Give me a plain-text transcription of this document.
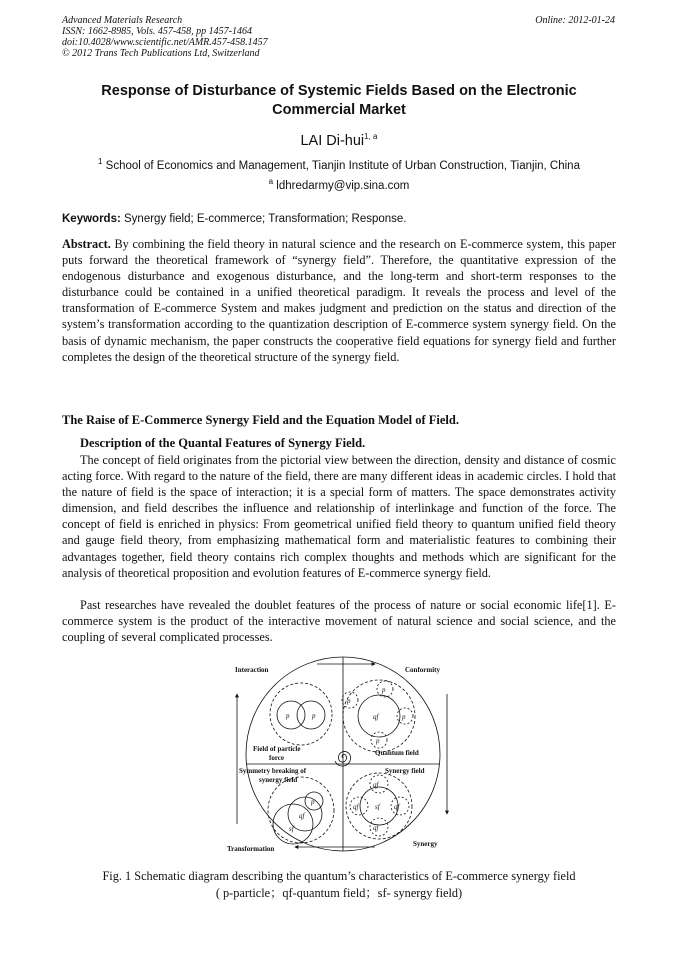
Advanced Materials Research
ISSN: 1662-8985, Vols. 457-458, pp 1457-1464
doi:10.4028/www.scientific.net/AMR.457-458.1457
© 2012 Trans Tech Publications Ltd, Switzerland
Online: 2012-01-24
Response of Disturbance of Systemic Fields Based on the Electronic Commercial Market
LAI Di-hui$^{1, a}$
$^1$ School of Economics and Management, Tianjin Institute of Urban Construction, Tianjin, China
$^a$ ldhredarmy@vip.sina.com
Keywords: Synergy field; E-commerce; Transformation; Response.
Abstract. By combining the field theory in natural science and the research on E-commerce system, this paper puts forward the theoretical framework of “synergy field”. Therefore, the quantitative expression of the endogenous disturbance and exogenous disturbance, and the long-term and short-term responses to the disturbance could be contained in a unified theoretical paradigm. It reveals the process and level of the transformation of E-commerce System and makes judgment and prediction on the status and direction of the system’s transformation according to the quantization description of E-commerce system synergy field. On the basis of dynamic mechanism, the paper constructs the cooperative field equations for synergy field and further completes the design of the theoretical structure of the synergy field.
The Raise of E-Commerce Synergy Field and the Equation Model of Field.
Description of the Quantal Features of Synergy Field.
The concept of field originates from the pictorial view between the direction, density and distance of cosmic acting force. With regard to the nature of the field, there are many different ideas in academic circles. I hold that the nature of field is the space of interaction; it is a special form of matters. The space demonstrates activity dimension, and field describes the influence and relationship of interlinkage and function of the force. The concept of field is enriched in physics: From geometrical unified field theory to quantum unified field theory and gauge field theory, from emphasizing mathematical form and materialistic features to combining their advantages together, field theory contains rich complex thoughts and methods which are significant for the analysis of theoretical proposition and evolution features of E-commerce synergy field.
Past researches have revealed the doublet features of the process of nature or social economic life[1]. E-commerce system is the product of the interactive movement of natural science and social science, and the coupling of several complicated processes.
Interaction	Conformity
p	p
Field of particle
force
qf
p
p
p
p
Quantum field
Symmetry breaking of
synergy field
Synergy field
p
qf
sf
qf
qf sf qf
qf
Synergy
Transformation
Fig. 1 Schematic diagram describing the quantum’s characteristics of E-commerce synergy field
( p-particle；qf-quantum field；sf- synergy field)
